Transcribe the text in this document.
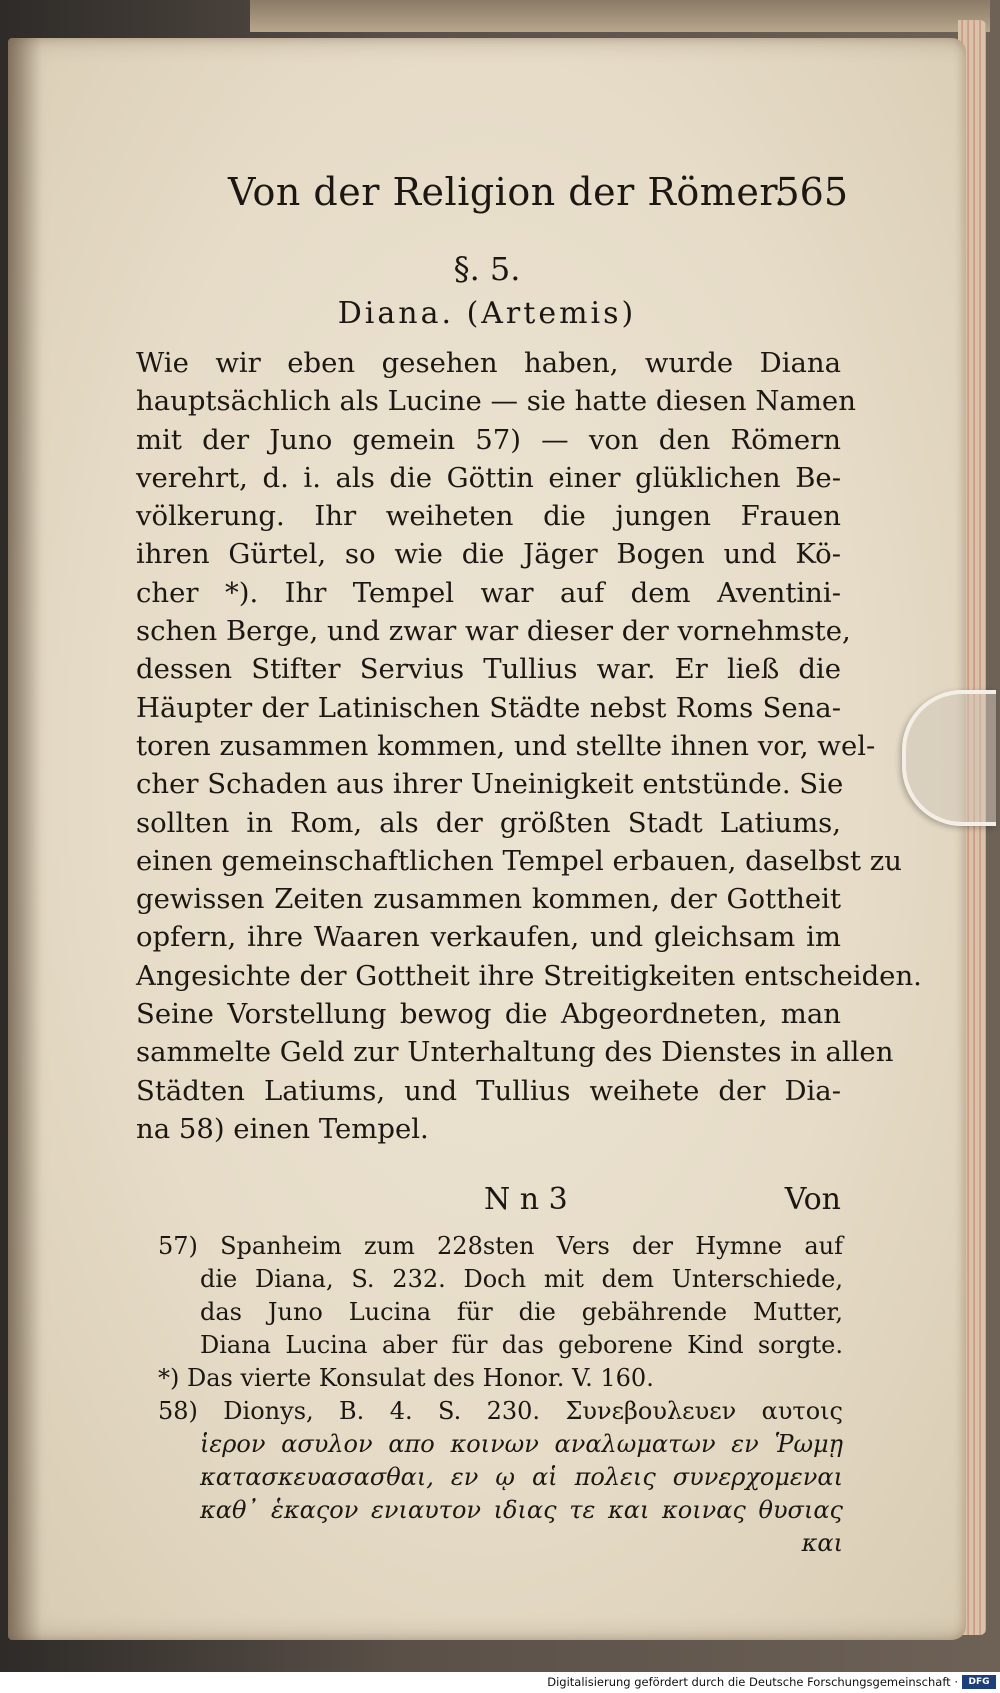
Von der Religion der Römer.
565
§. 5.
Diana. (Artemis)
Wie wir eben gesehen haben, wurde Diana
hauptsächlich als Lucine — sie hatte diesen Namen
mit der Juno gemein 57) — von den Römern
verehrt, d. i. als die Göttin einer glüklichen Be-
völkerung. Ihr weiheten die jungen Frauen
ihren Gürtel, so wie die Jäger Bogen und Kö-
cher *). Ihr Tempel war auf dem Aventini-
schen Berge, und zwar war dieser der vornehmste,
dessen Stifter Servius Tullius war. Er ließ die
Häupter der Latinischen Städte nebst Roms Sena-
toren zusammen kommen, und stellte ihnen vor, wel-
cher Schaden aus ihrer Uneinigkeit entstünde. Sie
sollten in Rom, als der größten Stadt Latiums,
einen gemeinschaftlichen Tempel erbauen, daselbst zu
gewissen Zeiten zusammen kommen, der Gottheit
opfern, ihre Waaren verkaufen, und gleichsam im
Angesichte der Gottheit ihre Streitigkeiten entscheiden.
Seine Vorstellung bewog die Abgeordneten, man
sammelte Geld zur Unterhaltung des Dienstes in allen
Städten Latiums, und Tullius weihete der Dia-
na 58) einen Tempel.
N n 3	Von
57) Spanheim zum 228sten Vers der Hymne auf
die Diana, S. 232. Doch mit dem Unterschiede,
das Juno Lucina für die gebährende Mutter,
Diana Lucina aber für das geborene Kind sorgte.
*) Das vierte Konsulat des Honor. V. 160.
58) Dionys, B. 4. S. 230. Συνεβουλευεν αυτοις
ἱερον ασυλον απο κοινων αναλωματων εν Ῥωμῃ
κατασκευασασθαι, εν ῳ αἱ πολεις συνερχομεναι
καθ᾽ ἑκαςον ενιαυτον ιδιας τε και κοινας θυσιας
και
Digitalisierung gefördert durch die Deutsche Forschungsgemeinschaft ·	DFG
